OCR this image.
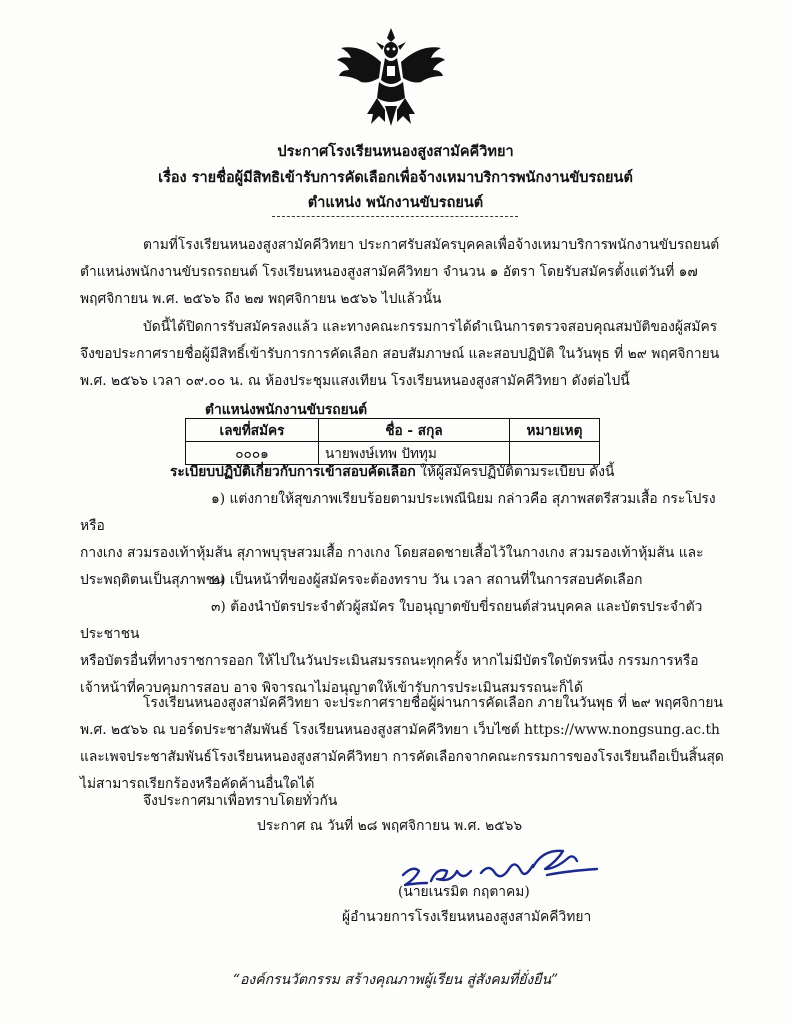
ประกาศโรงเรียนหนองสูงสามัคคีวิทยา
เรื่อง รายชื่อผู้มีสิทธิเข้ารับการคัดเลือกเพื่อจ้างเหมาบริการพนักงานขับรถยนต์
ตำแหน่ง พนักงานขับรถยนต์

ตามที่โรงเรียนหนองสูงสามัคคีวิทยา ประกาศรับสมัครบุคคลเพื่อจ้างเหมาบริการพนักงานขับรถยนต์

ตำแหน่งพนักงานขับรถรถยนต์ โรงเรียนหนองสูงสามัคคีวิทยา จำนวน ๑ อัตรา โดยรับสมัครตั้งแต่วันที่ ๑๗

พฤศจิกายน พ.ศ. ๒๕๖๖ ถึง ๒๗ พฤศจิกายน ๒๕๖๖ ไปแล้วนั้น

บัดนี้ได้ปิดการรับสมัครลงแล้ว และทางคณะกรรมการได้ดำเนินการตรวจสอบคุณสมบัติของผู้สมัคร

จึงขอประกาศรายชื่อผู้มีสิทธิ์เข้ารับการการคัดเลือก สอบสัมภาษณ์ และสอบปฏิบัติ ในวันพุธ ที่ ๒๙ พฤศจิกายน

พ.ศ. ๒๕๖๖ เวลา ๐๙.๐๐ น. ณ ห้องประชุมแสงเทียน โรงเรียนหนองสูงสามัคคีวิทยา ดังต่อไปนี้

ตำแหน่งพนักงานขับรถยนต์
เลขที่สมัคร	ชื่อ - สกุล	หมายเหตุ
๐๐๐๑	นายพงษ์เทพ ปัททุม	
ระเบียบปฏิบัติเกี่ยวกับการเข้าสอบคัดเลือก ให้ผู้สมัครปฏิบัติตามระเบียบ ดังนี้

๑) แต่งกายให้สุขภาพเรียบร้อยตามประเพณีนิยม กล่าวคือ สุภาพสตรีสวมเสื้อ กระโปรงหรือ

กางเกง สวมรองเท้าหุ้มส้น สุภาพบุรุษสวมเสื้อ กางเกง โดยสอดชายเสื้อไว้ในกางเกง สวมรองเท้าหุ้มส้น และ

ประพฤติตนเป็นสุภาพชน

๒) เป็นหน้าที่ของผู้สมัครจะต้องทราบ วัน เวลา สถานที่ในการสอบคัดเลือก

๓) ต้องนำบัตรประจำตัวผู้สมัคร ใบอนุญาตขับขี่รถยนต์ส่วนบุคคล และบัตรประจำตัวประชาชน

หรือบัตรอื่นที่ทางราชการออก ให้ไปในวันประเมินสมรรถนะทุกครั้ง หากไม่มีบัตรใดบัตรหนึ่ง กรรมการหรือ

เจ้าหน้าที่ควบคุมการสอบ อาจ พิจารณาไม่อนุญาตให้เข้ารับการประเมินสมรรถนะก็ได้

โรงเรียนหนองสูงสามัคคีวิทยา จะประกาศรายชื่อผู้ผ่านการคัดเลือก ภายในวันพุธ ที่ ๒๙ พฤศจิกายน

พ.ศ. ๒๕๖๖ ณ บอร์ดประชาสัมพันธ์ โรงเรียนหนองสูงสามัคคีวิทยา เว็บไซต์ https://www.nongsung.ac.th

และเพจประชาสัมพันธ์โรงเรียนหนองสูงสามัคคีวิทยา การคัดเลือกจากคณะกรรมการของโรงเรียนถือเป็นสิ้นสุด

ไม่สามารถเรียกร้องหรือคัดค้านอื่นใดได้

จึงประกาศมาเพื่อทราบโดยทั่วกัน
ประกาศ ณ วันที่ ๒๘ พฤศจิกายน พ.ศ. ๒๕๖๖
(นายเนรมิต กฤตาคม)
ผู้อำนวยการโรงเรียนหนองสูงสามัคคีวิทยา
“องค์กรนวัตกรรม สร้างคุณภาพผู้เรียน สู่สังคมที่ยั่งยืน”
